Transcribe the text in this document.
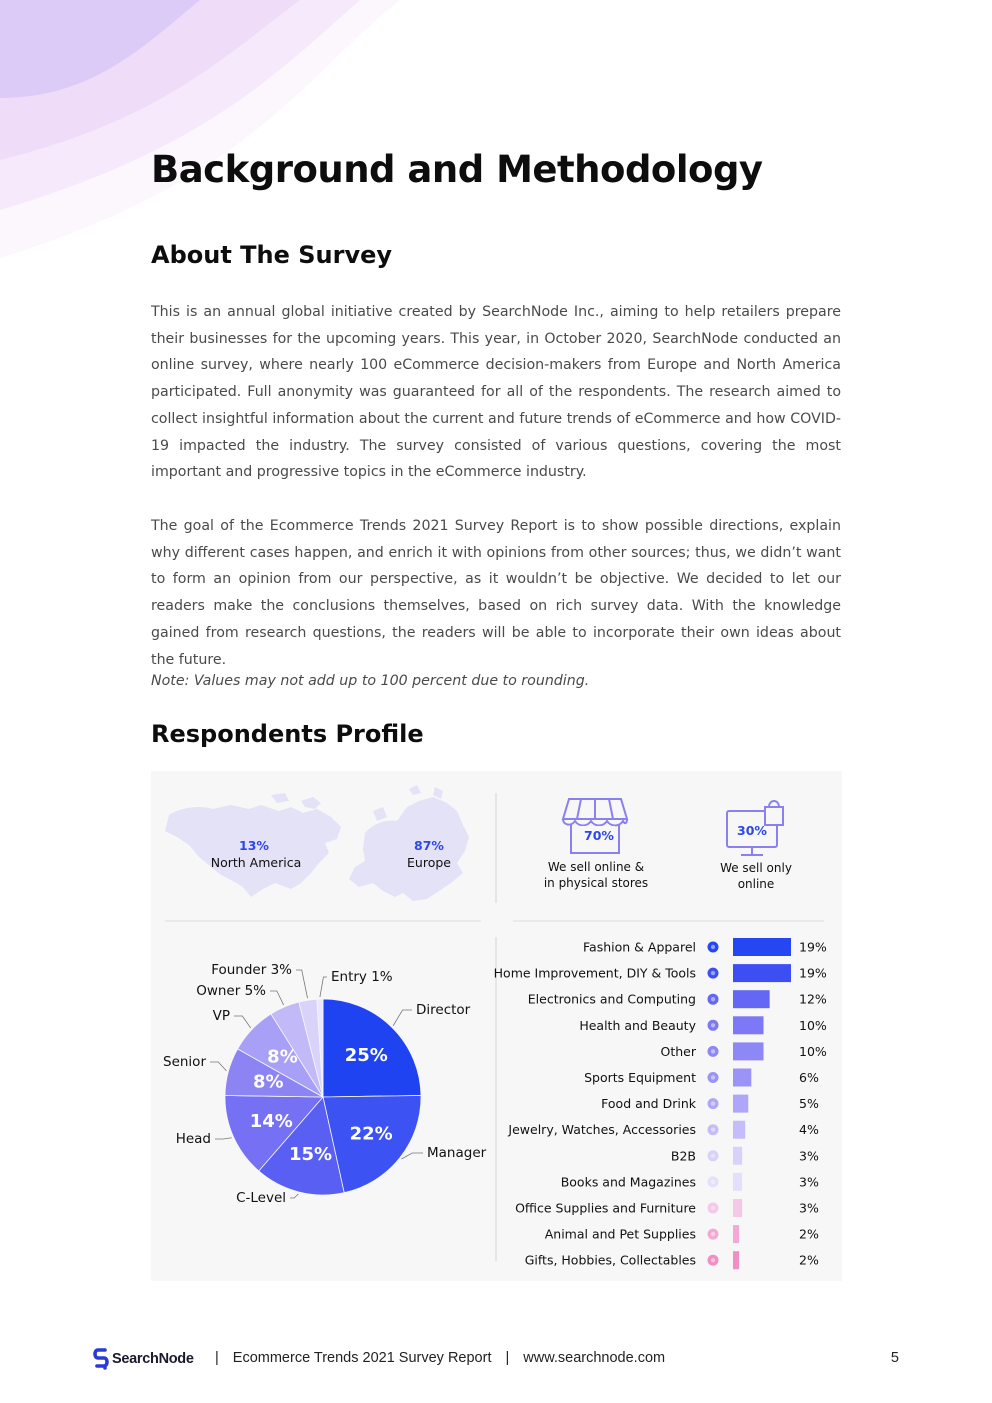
Background and Methodology
About The Survey

This is an annual global initiative created by SearchNode Inc., aiming to help retailers prepare their businesses for the upcoming years. This year, in October 2020, SearchNode conducted an online survey, where nearly 100 eCommerce decision-makers from Europe and North America participated. Full anonymity was guaranteed for all of the respondents. The research aimed to collect insightful information about the current and future trends of eCommerce and how COVID-19 impacted the industry. The survey consisted of various questions, covering the most important and progressive topics in the eCommerce industry.

The goal of the Ecommerce Trends 2021 Survey Report is to show possible directions, explain why different cases happen, and enrich it with opinions from other sources; thus, we didn’t want to form an opinion from our perspective, as it wouldn’t be objective. We decided to let our readers make the conclusions themselves, based on rich survey data. With the knowledge gained from research questions, the readers will be able to incorporate their own ideas about the future.

Note: Values may not add up to 100 percent due to rounding.
Respondents Profile
13%
North America
87%
Europe
70%
We sell online &
in physical stores
30%
We sell only
online
25%
Director
22%
Manager
15%
C-Level
14%
Head
8%
Senior	8%
VP
Owner 5%
Founder 3%	Entry 1%
Fashion & Apparel	19%
Home Improvement, DIY & Tools	19%
Electronics and Computing	12%
Health and Beauty	10%
Other	10%
Sports Equipment	6%
Food and Drink	5%
Jewelry, Watches, Accessories	4%
B2B	3%
Books and Magazines	3%
Office Supplies and Furniture	3%
Animal and Pet Supplies	2%
Gifts, Hobbies, Collectables	2%
SearchNode	| Ecommerce Trends 2021 Survey Report | www.searchnode.com	5
